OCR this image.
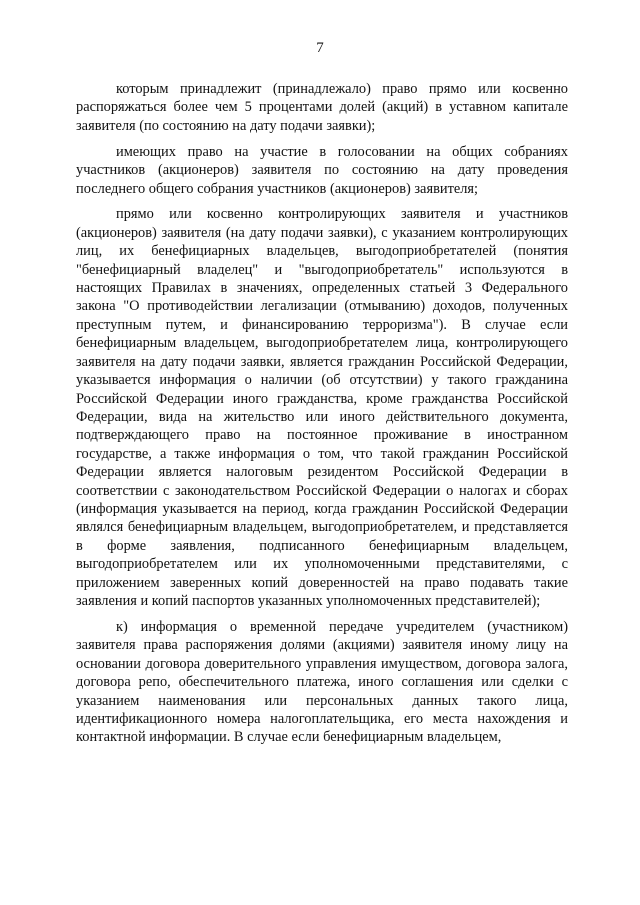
7

которым принадлежит (принадлежало) право прямо или косвенно распоряжаться более чем 5 процентами долей (акций) в уставном капитале заявителя (по состоянию на дату подачи заявки);

имеющих право на участие в голосовании на общих собраниях участников (акционеров) заявителя по состоянию на дату проведения последнего общего собрания участников (акционеров) заявителя;

прямо или косвенно контролирующих заявителя и участников (акционеров) заявителя (на дату подачи заявки), с указанием контролирующих лиц, их бенефициарных владельцев, выгодоприобретателей (понятия "бенефициарный владелец" и "выгодоприобретатель" используются в настоящих Правилах в значениях, определенных статьей 3 Федерального закона "О противодействии легализации (отмыванию) доходов, полученных преступным путем, и финансированию терроризма"). В случае если бенефициарным владельцем, выгодоприобретателем лица, контролирующего заявителя на дату подачи заявки, является гражданин Российской Федерации, указывается информация о наличии (об отсутствии) у такого гражданина Российской Федерации иного гражданства, кроме гражданства Российской Федерации, вида на жительство или иного действительного документа, подтверждающего право на постоянное проживание в иностранном государстве, а также информация о том, что такой гражданин Российской Федерации является налоговым резидентом Российской Федерации в соответствии с законодательством Российской Федерации о налогах и сборах (информация указывается на период, когда гражданин Российской Федерации являлся бенефициарным владельцем, выгодоприобретателем, и представляется в форме заявления, подписанного бенефициарным владельцем, выгодоприобретателем или их уполномоченными представителями, с приложением заверенных копий доверенностей на право подавать такие заявления и копий паспортов указанных уполномоченных представителей);

к) информация о временной передаче учредителем (участником) заявителя права распоряжения долями (акциями) заявителя иному лицу на основании договора доверительного управления имуществом, договора залога, договора репо, обеспечительного платежа, иного соглашения или сделки с указанием наименования или персональных данных такого лица, идентификационного номера налогоплательщика, его места нахождения и контактной информации. В случае если бенефициарным владельцем,
